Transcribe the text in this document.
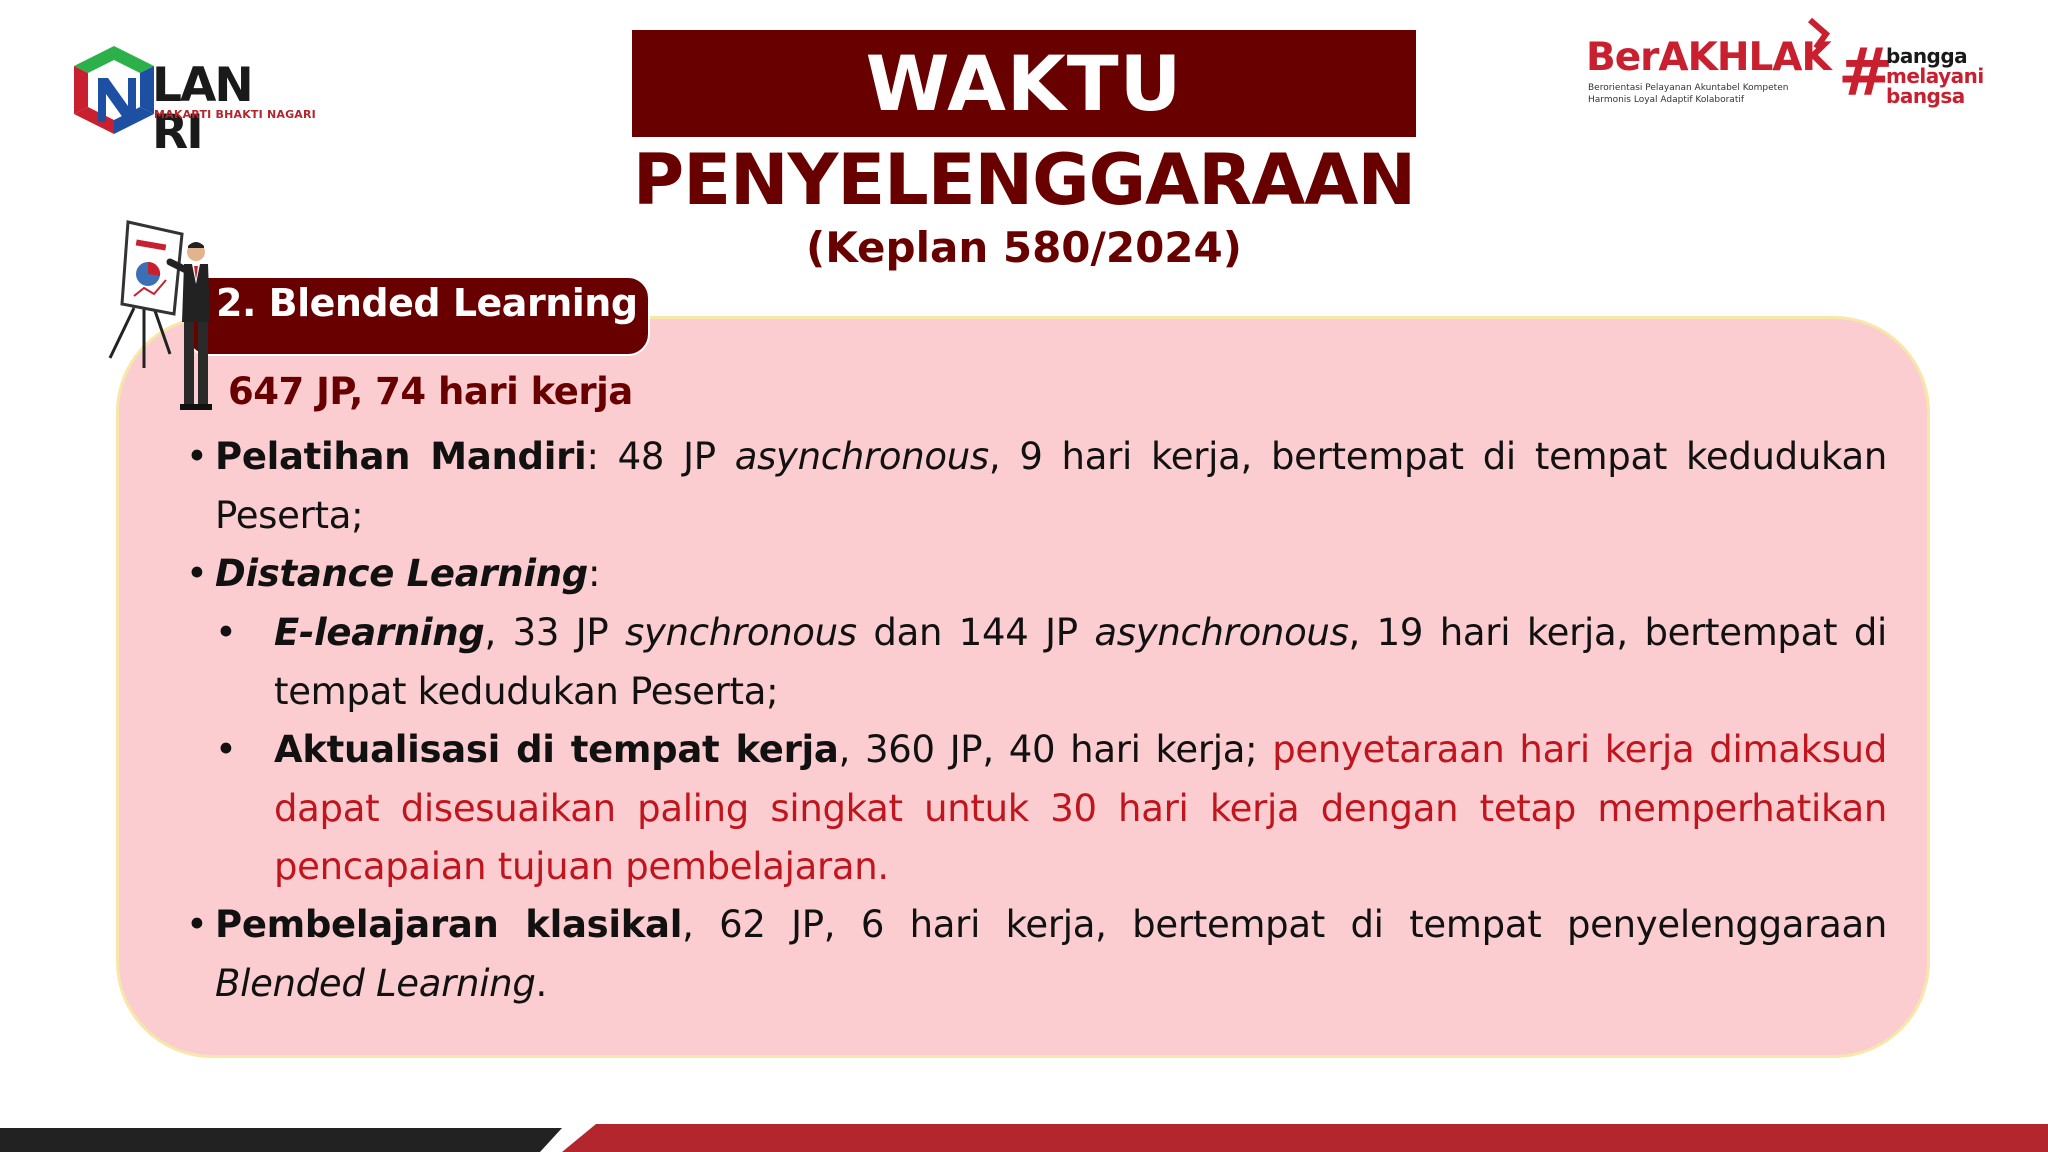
LAN RI
MAKARTI BHAKTI NAGARI
BerAKHLAK
Berorientasi Pelayanan Akuntabel Kompeten
Harmonis Loyal Adaptif Kolaboratif	#
bangga
melayani
bangsa
WAKTU
PENYELENGGARAAN
(Keplan 580/2024)
2. Blended Learning
647 JP, 74 hari kerja
• Pelatihan Mandiri: 48 JP asynchronous, 9 hari kerja, bertempat di tempat kedudukan Peserta;
• Distance Learning:
• E-learning, 33 JP synchronous dan 144 JP asynchronous, 19 hari kerja, bertempat di tempat kedudukan Peserta;
• Aktualisasi di tempat kerja, 360 JP, 40 hari kerja; penyetaraan hari kerja dimaksud dapat disesuaikan paling singkat untuk 30 hari kerja dengan tetap memperhatikan pencapaian tujuan pembelajaran.
• Pembelajaran klasikal, 62 JP, 6 hari kerja, bertempat di tempat penyelenggaraan Blended Learning.
